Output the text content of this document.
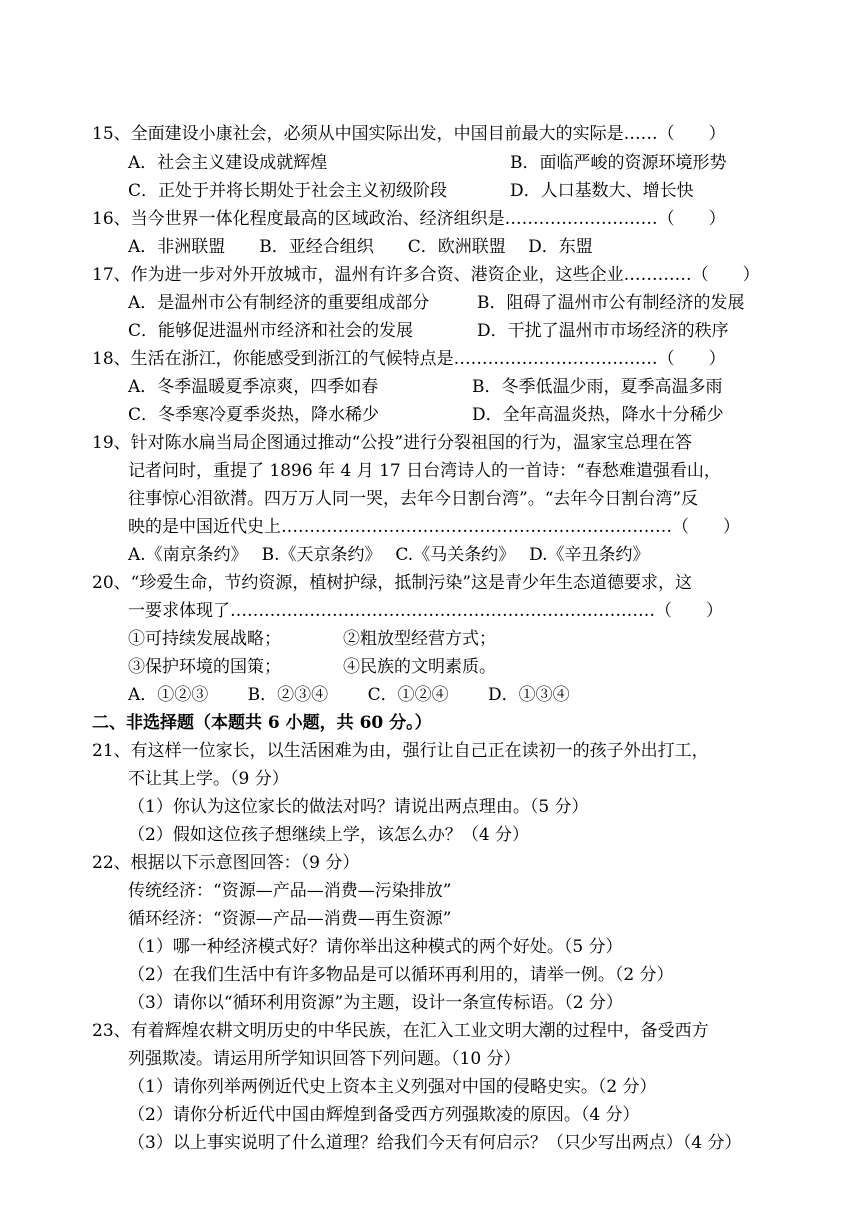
15、全面建设小康社会，必须从中国实际出发，中国目前最大的实际是……（　　）
A．社会主义建设成就辉煌	B．面临严峻的资源环境形势
C．正处于并将长期处于社会主义初级阶段	D．人口基数大、增长快
16、当今世界一体化程度最高的区域政治、经济组织是………………………（　　）
A．非洲联盟　　B．亚经合组织　　C．欧洲联盟　 D．东盟
17、作为进一步对外开放城市，温州有许多合资、港资企业，这些企业…………（　　）
A．是温州市公有制经济的重要组成部分	B．阻碍了温州市公有制经济的发展
C．能够促进温州市经济和社会的发展	D．干扰了温州市市场经济的秩序
18、生活在浙江，你能感受到浙江的气候特点是………………………………（　　）
A．冬季温暖夏季凉爽，四季如春	B．冬季低温少雨，夏季高温多雨
C．冬季寒冷夏季炎热，降水稀少	D．全年高温炎热，降水十分稀少
19、针对陈水扁当局企图通过推动“公投”进行分裂祖国的行为，温家宝总理在答
记者问时，重提了 1896 年 4 月 17 日台湾诗人的一首诗：“春愁难遣强看山，
往事惊心泪欲潸。四万万人同一哭，去年今日割台湾”。“去年今日割台湾”反
映的是中国近代史上……………………………………………………………（　　）
A.《南京条约》　 B.《天京条约》　 C.《马关条约》　 D.《辛丑条约》
20、“珍爱生命，节约资源，植树护绿，抵制污染”这是青少年生态道德要求，这
一要求体现了…………………………………………………………………（　　）
①可持续发展战略；	②粗放型经营方式；
③保护环境的国策；	④民族的文明素质。
A．①②③　　 B．②③④　　 C．①②④　　 D．①③④
二、非选择题（本题共 6 小题，共 60 分。）
21、有这样一位家长，以生活困难为由，强行让自己正在读初一的孩子外出打工，
不让其上学。（9 分）
（1）你认为这位家长的做法对吗？请说出两点理由。（5 分）
（2）假如这位孩子想继续上学，该怎么办？（4 分）
22、根据以下示意图回答：（9 分）
传统经济：“资源—产品—消费—污染排放”
循环经济：“资源—产品—消费—再生资源”
（1）哪一种经济模式好？请你举出这种模式的两个好处。（5 分）
（2）在我们生活中有许多物品是可以循环再利用的，请举一例。（2 分）
（3）请你以“循环利用资源”为主题，设计一条宣传标语。（2 分）
23、有着辉煌农耕文明历史的中华民族，在汇入工业文明大潮的过程中，备受西方
列强欺凌。请运用所学知识回答下列问题。（10 分）
（1）请你列举两例近代史上资本主义列强对中国的侵略史实。（2 分）
（2）请你分析近代中国由辉煌到备受西方列强欺凌的原因。（4 分）
（3）以上事实说明了什么道理？给我们今天有何启示？（只少写出两点）（4 分）
